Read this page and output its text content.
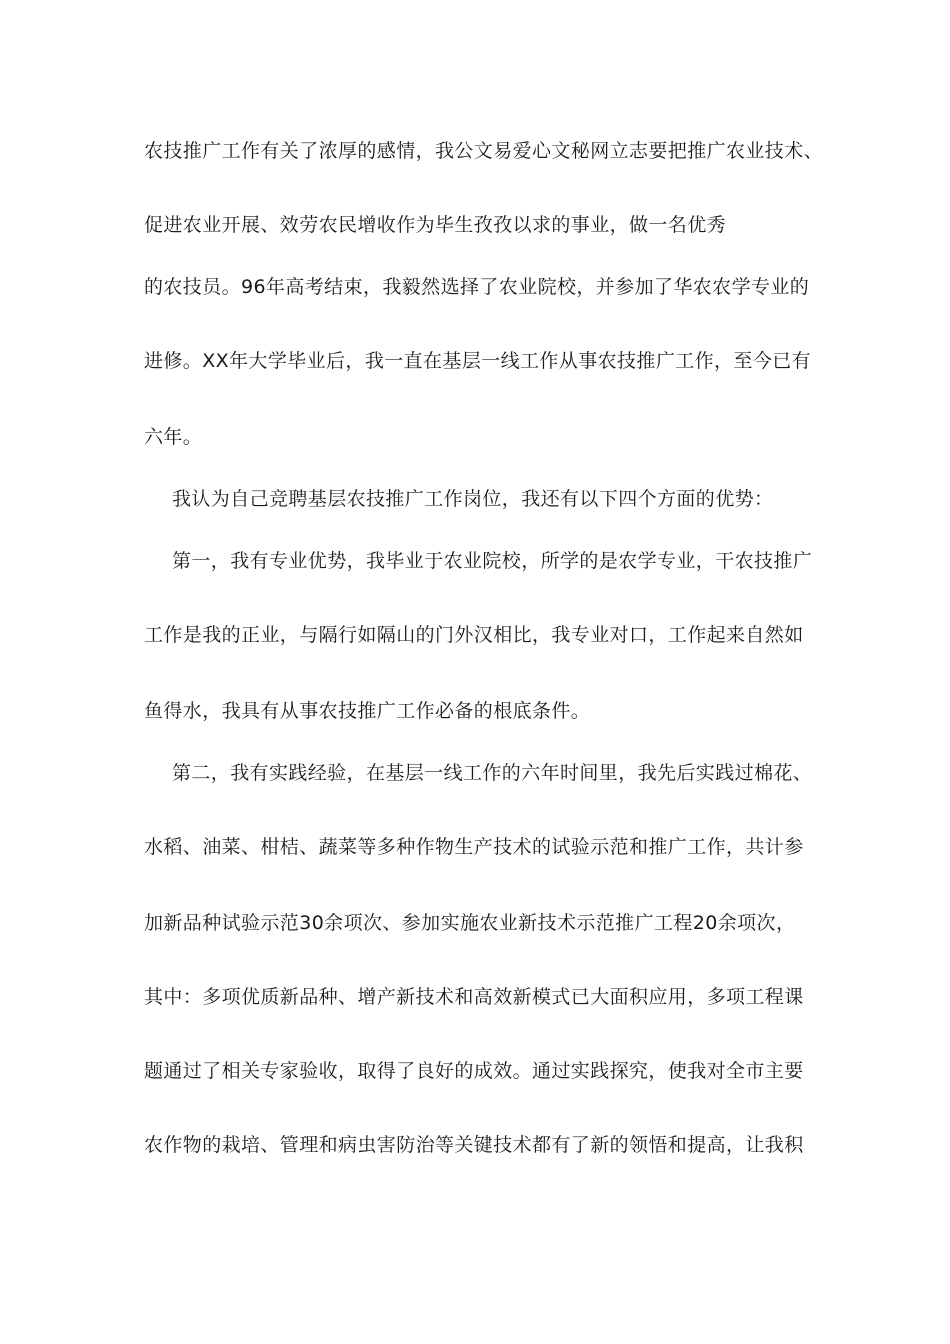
农技推广工作有关了浓厚的感情，我公文易爱心文秘网立志要把推广农业技术、
促进农业开展、效劳农民增收作为毕生孜孜以求的事业，做一名优秀
的农技员。96年高考结束，我毅然选择了农业院校，并参加了华农农学专业的
进修。XX年大学毕业后，我一直在基层一线工作从事农技推广工作，至今已有
六年。
我认为自己竞聘基层农技推广工作岗位，我还有以下四个方面的优势：
第一，我有专业优势，我毕业于农业院校，所学的是农学专业，干农技推广
工作是我的正业，与隔行如隔山的门外汉相比，我专业对口，工作起来自然如
鱼得水，我具有从事农技推广工作必备的根底条件。
第二，我有实践经验，在基层一线工作的六年时间里，我先后实践过棉花、
水稻、油菜、柑桔、蔬菜等多种作物生产技术的试验示范和推广工作，共计参
加新品种试验示范30余项次、参加实施农业新技术示范推广工程20余项次，
其中：多项优质新品种、增产新技术和高效新模式已大面积应用，多项工程课
题通过了相关专家验收，取得了良好的成效。通过实践探究，使我对全市主要
农作物的栽培、管理和病虫害防治等关键技术都有了新的领悟和提高，让我积
